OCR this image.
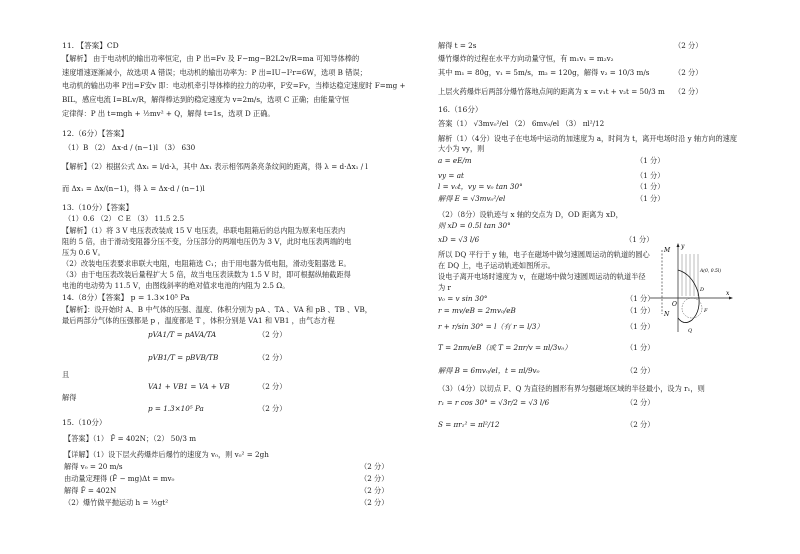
11. 【答案】CD
【解析】 由于电动机的输出功率恒定，由 P 出=Fv 及 F−mg−B2L2v/R=ma 可知导体棒的
速度增速逐渐减小，故选项 A 错误；电动机的输出功率为：P 出=IU−I²r=6W，选项 B 错误；
电动机的输出功率 P出=F安v 即：电动机牵引导体棒的拉力的功率，F安=Fv，当棒达稳定速度时 F=mg +
BIL，感应电流 I=BLv/R，解得棒达到的稳定速度为 v=2m/s，选项 C 正确；由能量守恒
定律得：P 出 t=mgh + ½mv² + Q，解得 t=1s，选项 D 正确。
12.（6分）【答案】
（1）B （2） Δx·d / (n−1)l （3） 630
【解析】（2）根据公式 Δx₁ = l/d·λ，其中 Δx₁ 表示相邻两条亮条纹间的距离，得 λ = d·Δx₁ / l
而 Δx₁ = Δx/(n−1)，得 λ = Δx·d / (n−1)l
13.（10分）【答案】
（1）0.6 （2） C E （3） 11.5 2.5
【解析】（1）将 3 V 电压表改装成 15 V 电压表，串联电阻箱后的总内阻为原来电压表内
阻的 5 倍，由于滑动变阻器分压不变，分压部分的两端电压仍为 3 V，此时电压表两端的电
压为 0.6 V。
（2）改装电压表要求串联大电阻，电阻箱选 C₁；由于用电器为低电阻，滑动变阻器选 E。
（3）由于电压表改装后量程扩大 5 倍，故当电压表读数为 1.5 V 时，即可根据纵轴截距得
电池的电动势为 11.5 V，由图线斜率的绝对值求电池的内阻为 2.5 Ω。
14.（8分）【答案】 p = 1.3×10⁵ Pa
【解析】：设开始时 A、B 中气体的压强、温度、体积分别为 pA 、TA 、VA 和 pB 、TB 、VB，
最后两部分气体的压强都是 p ，温度都是 T ，体积分别是 VA1 和 VB1 ，由气态方程
pVA1/T = pAVA/TA	（2 分）
pVB1/T = pBVB/TB	（2 分）
且
VA1 + VB1 = VA + VB	（2 分）
解得
p = 1.3×10⁵ Pa	（2 分）
15.（10分）
【答案】（1） F̄ = 402N；（2） 50/3 m
【详解】（1）设下层火药爆炸后爆竹的速度为 v₀，则 v₀² = 2gh
解得 v₀ = 20 m/s	（2 分）
由动量定理得 (F̄ − mg)Δt = mv₀	（2 分）
解得 F̄ = 402N	（2 分）
（2）爆竹做平抛运动 h = ½gt²	（2 分）
解得 t = 2s	（2 分）
爆竹爆炸的过程在水平方向动量守恒，有 m₁v₁ = m₂v₂
其中 m₁ = 80g，v₁ = 5m/s，m₂ = 120g，解得 v₂ = 10/3 m/s	（2 分）
上层火药爆炸后两部分爆竹落地点间的距离为 x = v₁t + v₂t = 50/3 m （2 分）
16.（16分）
答案（1） √3mv₀²/el （2） 6mv₀/el （3） πl²/12
解析（1）（4分）设电子在电场中运动的加速度为 a，时间为 t，离开电场时沿 y 轴方向的速度
大小为 vy，则
a = eE/m	（1 分）
vy = at	（1 分）
l = v₀t，vy = v₀ tan 30°	（1 分）
解得 E = √3mv₀²/el	（1 分）
（2）（8分）设轨迹与 x 轴的交点为 D，OD 距离为 xD，
则 xD = 0.5l tan 30°
xD = √3 l/6	（1 分）
所以 DQ 平行于 y 轴，电子在磁场中做匀速圆周运动的轨道的圆心
在 DQ 上，电子运动轨迹如图所示。
设电子离开电场时速度为 v，在磁场中做匀速圆周运动的轨道半径
为 r
v₀ = v sin 30°	（1 分）
r = mv/eB = 2mv₀/eB	（1 分）
r + r/sin 30° = l（有 r = l/3）	（1 分）
T = 2πm/eB（或 T = 2πr/v = πl/3v₀）	（1 分）
解得 B = 6mv₀/el，t = πl/9v₀	（2 分）
（3）（4分）以切点 F、Q 为直径的圆形有界匀强磁场区域的半径最小，设为 r₁，则
r₁ = r cos 30° = √3r/2 = √3 l/6	（2 分）
S = πr₁² = πl²/12	（2 分）
M
N
O
y
x
D
F
Q
A(0, 0.5l)
